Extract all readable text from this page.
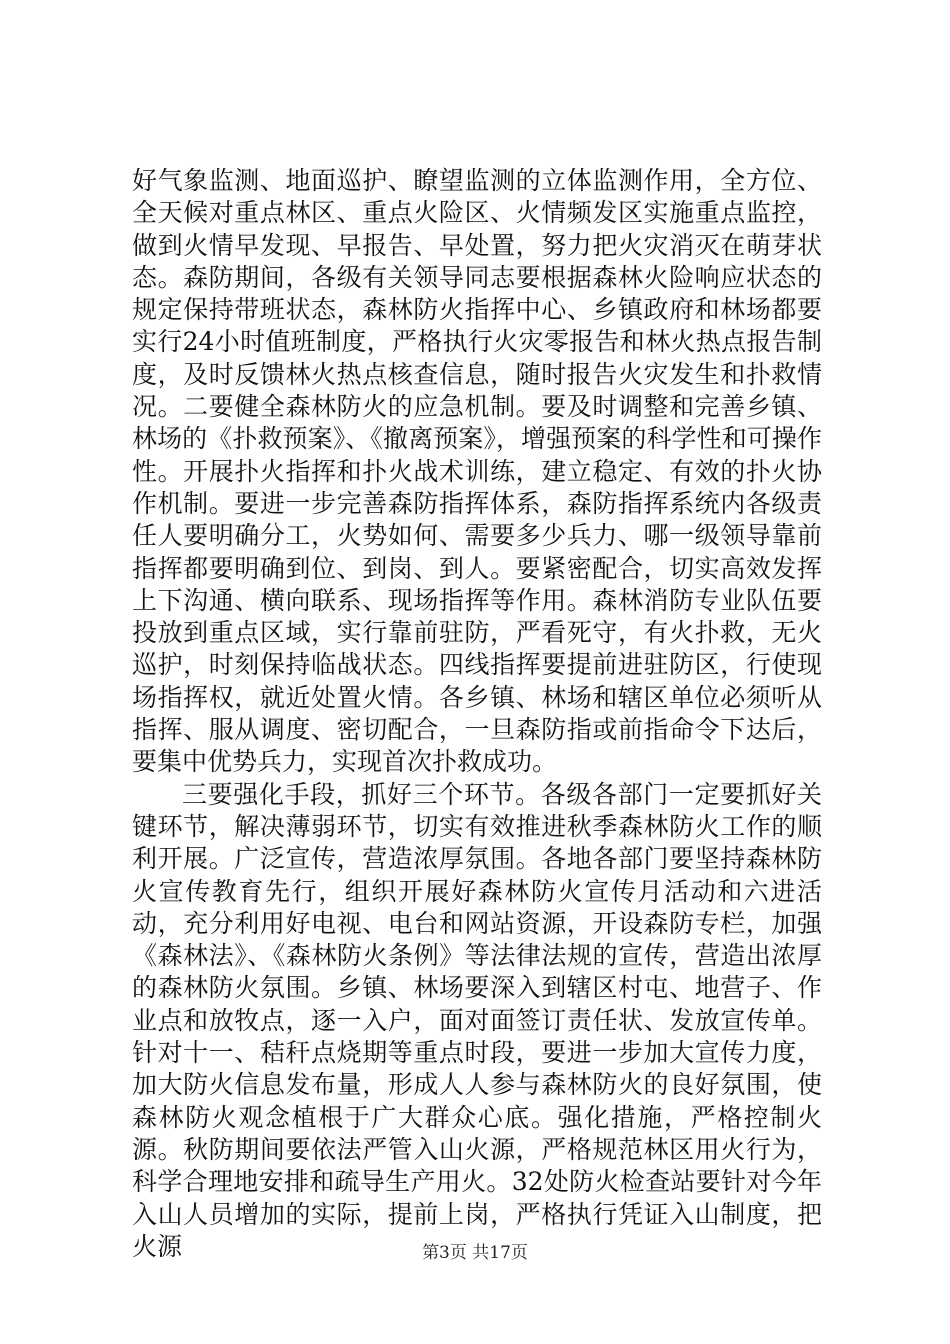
好气象监测、地面巡护、瞭望监测的立体监测作用，全方位、全天候对重点林区、重点火险区、火情频发区实施重点监控，做到火情早发现、早报告、早处置，努力把火灾消灭在萌芽状态。森防期间，各级有关领导同志要根据森林火险响应状态的规定保持带班状态，森林防火指挥中心、乡镇政府和林场都要实行24小时值班制度，严格执行火灾零报告和林火热点报告制度，及时反馈林火热点核查信息，随时报告火灾发生和扑救情况。二要健全森林防火的应急机制。要及时调整和完善乡镇、林场的《扑救预案》、《撤离预案》，增强预案的科学性和可操作性。开展扑火指挥和扑火战术训练，建立稳定、有效的扑火协作机制。要进一步完善森防指挥体系，森防指挥系统内各级责任人要明确分工，火势如何、需要多少兵力、哪一级领导靠前指挥都要明确到位、到岗、到人。要紧密配合，切实高效发挥上下沟通、横向联系、现场指挥等作用。森林消防专业队伍要投放到重点区域，实行靠前驻防，严看死守，有火扑救，无火巡护，时刻保持临战状态。四线指挥要提前进驻防区，行使现场指挥权，就近处置火情。各乡镇、林场和辖区单位必须听从指挥、服从调度、密切配合，一旦森防指或前指命令下达后，要集中优势兵力，实现首次扑救成功。

三要强化手段，抓好三个环节。各级各部门一定要抓好关键环节，解决薄弱环节，切实有效推进秋季森林防火工作的顺利开展。广泛宣传，营造浓厚氛围。各地各部门要坚持森林防火宣传教育先行，组织开展好森林防火宣传月活动和六进活动，充分利用好电视、电台和网站资源，开设森防专栏，加强《森林法》、《森林防火条例》等法律法规的宣传，营造出浓厚的森林防火氛围。乡镇、林场要深入到辖区村屯、地营子、作业点和放牧点，逐一入户，面对面签订责任状、发放宣传单。针对十一、秸秆点烧期等重点时段，要进一步加大宣传力度，加大防火信息发布量，形成人人参与森林防火的良好氛围，使森林防火观念植根于广大群众心底。强化措施，严格控制火源。秋防期间要依法严管入山火源，严格规范林区用火行为，科学合理地安排和疏导生产用火。32处防火检查站要针对今年入山人员增加的实际，提前上岗，严格执行凭证入山制度，把火源	第3页 共17页
